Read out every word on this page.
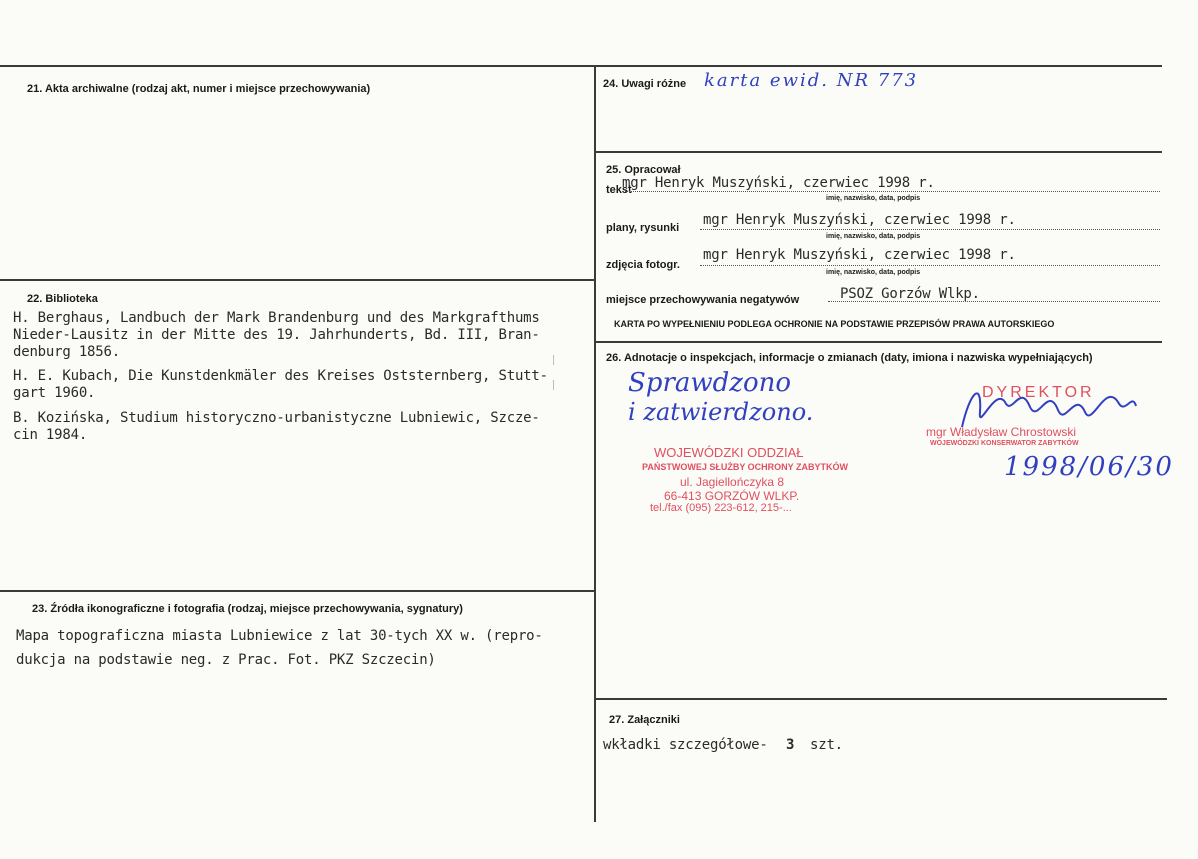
21. Akta archiwalne (rodzaj akt, numer i miejsce przechowywania)
22. Biblioteka
H. Berghaus, Landbuch der Mark Brandenburg und des Markgrafthums
Nieder-Lausitz in der Mitte des 19. Jahrhunderts, Bd. III, Bran-
denburg 1856.
H. E. Kubach, Die Kunstdenkmäler des Kreises Oststernberg, Stutt-
gart 1960.
B. Kozińska, Studium historyczno-urbanistyczne Lubniewic, Szcze-
cin 1984.
23. Źródła ikonograficzne i fotografia (rodzaj, miejsce przechowywania, sygnatury)
Mapa topograficzna miasta Lubniewice z lat 30-tych XX w. (repro-
dukcja na podstawie neg. z Prac. Fot. PKZ Szczecin)
24. Uwagi różne karta ewid. NR 773
25. Opracował
tekst
mgr Henryk Muszyński, czerwiec 1998 r.
imię, nazwisko, data, podpis
plany, rysunki mgr Henryk Muszyński, czerwiec 1998 r.
imię, nazwisko, data, podpis
zdjęcia fotogr.
mgr Henryk Muszyński, czerwiec 1998 r.
imię, nazwisko, data, podpis
miejsce przechowywania negatywów	PSOZ Gorzów Wlkp.
KARTA PO WYPEŁNIENIU PODLEGA OCHRONIE NA PODSTAWIE PRZEPISÓW PRAWA AUTORSKIEGO
26. Adnotacje o inspekcjach, informacje o zmianach (daty, imiona i nazwiska wypełniających)
Sprawdzono
i zatwierdzono.
WOJEWÓDZKI ODDZIAŁ
PAŃSTWOWEJ SŁUŻBY OCHRONY ZABYTKÓW
ul. Jagiellończyka 8
66-413 GORZÓW WLKP.
tel./fax (095) 223-612, 215-...
DYREKTOR
mgr Władysław Chrostowski
WOJEWÓDZKI KONSERWATOR ZABYTKÓW
1998/06/30
27. Załączniki
wkładki szczegółowe- 3 szt.
